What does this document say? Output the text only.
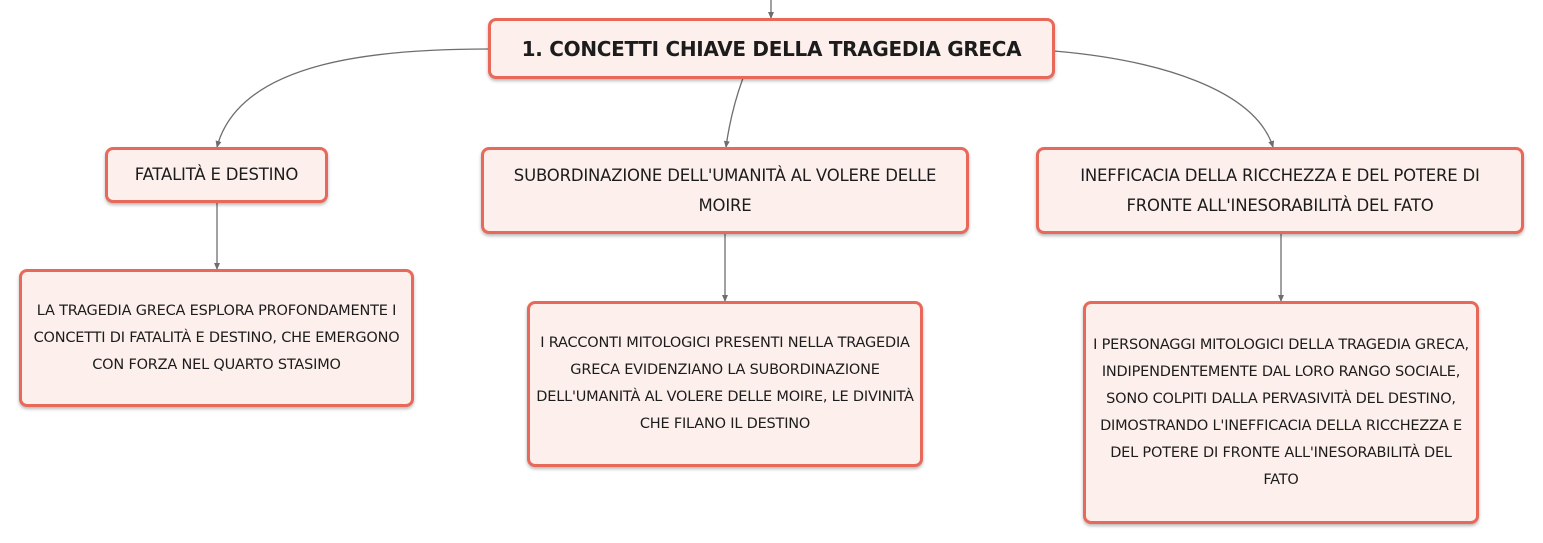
1. CONCETTI CHIAVE DELLA TRAGEDIA GRECA
FATALITÀ E DESTINO	SUBORDINAZIONE DELL'UMANITÀ AL VOLERE DELLE MOIRE
INEFFICACIA DELLA RICCHEZZA E DEL POTERE DI FRONTE ALL'INESORABILITÀ DEL FATO
LA TRAGEDIA GRECA ESPLORA PROFONDAMENTE I CONCETTI DI FATALITÀ E DESTINO, CHE EMERGONO CON FORZA NEL QUARTO STASIMO
I RACCONTI MITOLOGICI PRESENTI NELLA TRAGEDIA GRECA EVIDENZIANO LA SUBORDINAZIONE DELL'UMANITÀ AL VOLERE DELLE MOIRE, LE DIVINITÀ CHE FILANO IL DESTINO
I PERSONAGGI MITOLOGICI DELLA TRAGEDIA GRECA, INDIPENDENTEMENTE DAL LORO RANGO SOCIALE, SONO COLPITI DALLA PERVASIVITÀ DEL DESTINO, DIMOSTRANDO L'INEFFICACIA DELLA RICCHEZZA E DEL POTERE DI FRONTE ALL'INESORABILITÀ DEL FATO
